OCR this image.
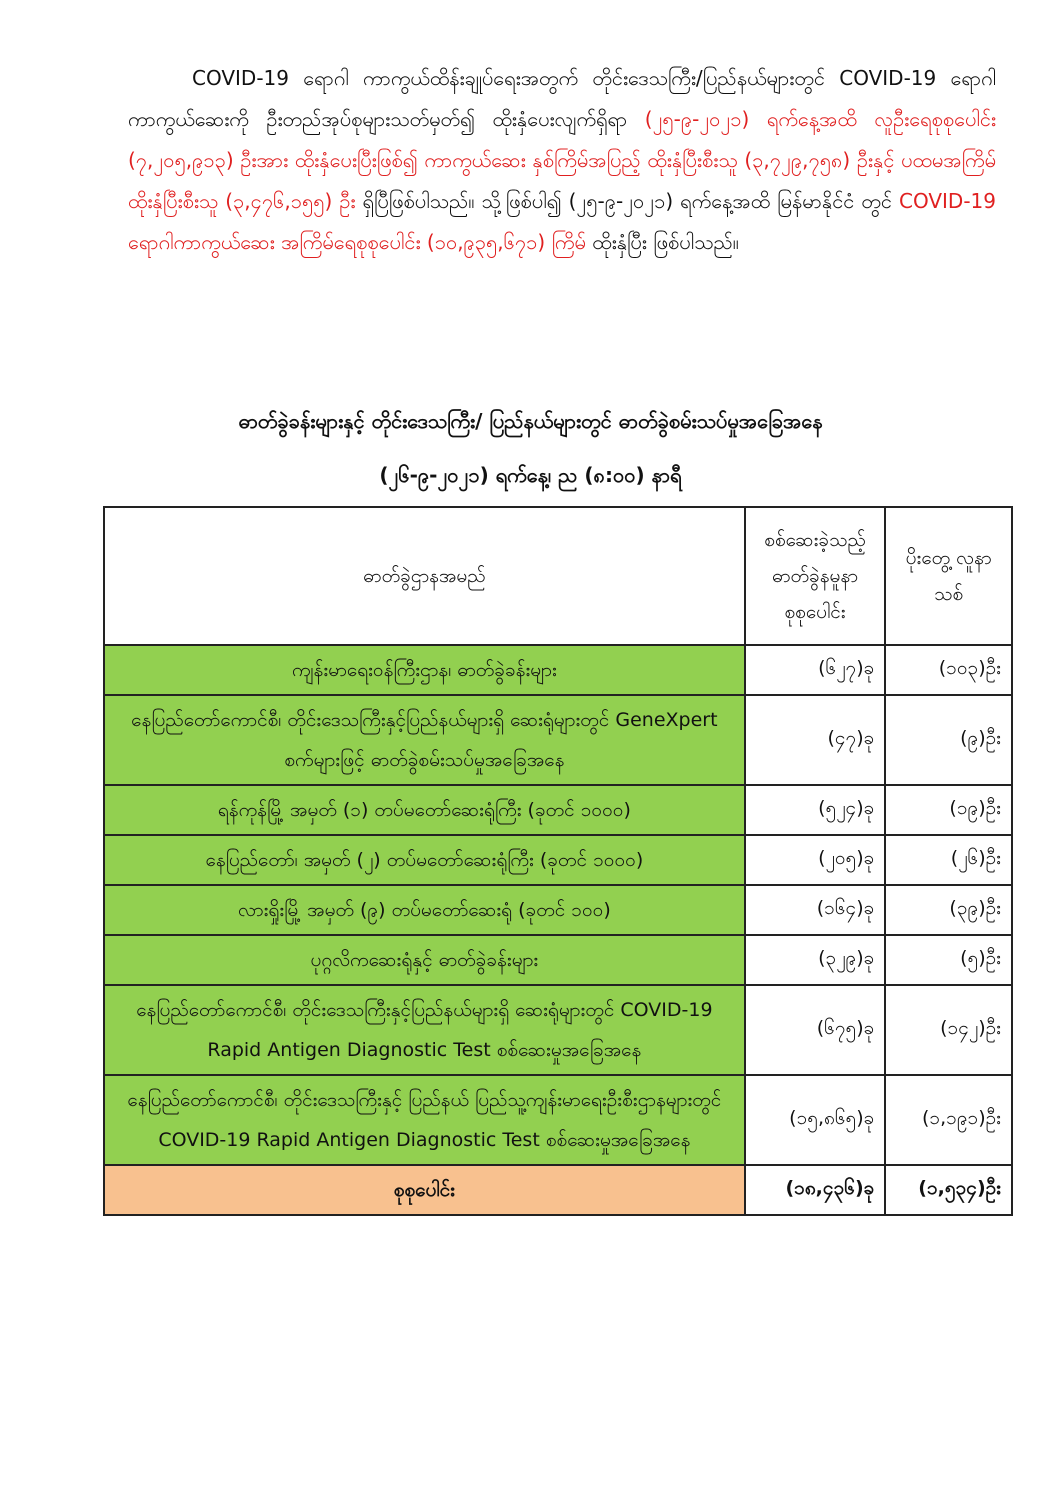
COVID-19 ရောဂါ ကာကွယ်ထိန်းချုပ်ရေးအတွက် တိုင်းဒေသကြီး/ပြည်နယ်များတွင် COVID-19 ရောဂါကာကွယ်ဆေးကို ဦးတည်အုပ်စုများသတ်မှတ်၍ ထိုးနှံပေးလျက်ရှိရာ (၂၅-၉-၂၀၂၁) ရက်နေ့အထိ လူဦးရေစုစုပေါင်း (၇,၂၀၅,၉၁၃) ဦးအား ထိုးနှံပေးပြီးဖြစ်၍ ကာကွယ်ဆေး နှစ်ကြိမ်အပြည့် ထိုးနှံပြီးစီးသူ (၃,၇၂၉,၇၅၈) ဦးနှင့် ပထမအကြိမ် ထိုးနှံပြီးစီးသူ (၃,၄၇၆,၁၅၅) ဦး ရှိပြီဖြစ်ပါသည်။ သို့ဖြစ်ပါ၍ (၂၅-၉-၂၀၂၁) ရက်နေ့အထိ မြန်မာနိုင်ငံ တွင် COVID-19 ရောဂါကာကွယ်ဆေး အကြိမ်ရေစုစုပေါင်း (၁၀,၉၃၅,၆၇၁) ကြိမ် ထိုးနှံပြီး ဖြစ်ပါသည်။
ဓာတ်ခွဲခန်းများနှင့် တိုင်းဒေသကြီး/ ပြည်နယ်များတွင် ဓာတ်ခွဲစမ်းသပ်မှုအခြေအနေ
(၂၆-၉-၂၀၂၁) ရက်နေ့၊ ည (၈:၀၀) နာရီ
ဓာတ်ခွဲဌာနအမည်	စစ်ဆေးခဲ့သည့် ဓာတ်ခွဲနမူနာ စုစုပေါင်း	ပိုးတွေ့ လူနာသစ်
ကျန်းမာရေးဝန်ကြီးဌာန၊ ဓာတ်ခွဲခန်းများ	(၆၂၇)ခု	(၁၀၃)ဦး
နေပြည်တော်ကောင်စီ၊ တိုင်းဒေသကြီးနှင့်ပြည်နယ်များရှိ ဆေးရုံများတွင် GeneXpert စက်များဖြင့် ဓာတ်ခွဲစမ်းသပ်မှုအခြေအနေ	(၄၇)ခု	(၉)ဦး
ရန်ကုန်မြို့ အမှတ် (၁) တပ်မတော်ဆေးရုံကြီး (ခုတင် ၁၀၀၀)	(၅၂၄)ခု	(၁၉)ဦး
နေပြည်တော်၊ အမှတ် (၂) တပ်မတော်ဆေးရုံကြီး (ခုတင် ၁၀၀၀)	(၂၀၅)ခု	(၂၆)ဦး
လားရှိုးမြို့ အမှတ် (၉) တပ်မတော်ဆေးရုံ (ခုတင် ၁၀၀)	(၁၆၄)ခု	(၃၉)ဦး
ပုဂ္ဂလိကဆေးရုံနှင့် ဓာတ်ခွဲခန်းများ	(၃၂၉)ခု	(၅)ဦး
နေပြည်တော်ကောင်စီ၊ တိုင်းဒေသကြီးနှင့်ပြည်နယ်များရှိ ဆေးရုံများတွင် COVID-19 Rapid Antigen Diagnostic Test စစ်ဆေးမှုအခြေအနေ	(၆၇၅)ခု	(၁၄၂)ဦး
နေပြည်တော်ကောင်စီ၊ တိုင်းဒေသကြီးနှင့် ပြည်နယ် ပြည်သူ့ကျန်းမာရေးဦးစီးဌာနများတွင် COVID-19 Rapid Antigen Diagnostic Test စစ်ဆေးမှုအခြေအနေ	(၁၅,၈၆၅)ခု	(၁,၁၉၁)ဦး
စုစုပေါင်း	(၁၈,၄၃၆)ခု	(၁,၅၃၄)ဦး
